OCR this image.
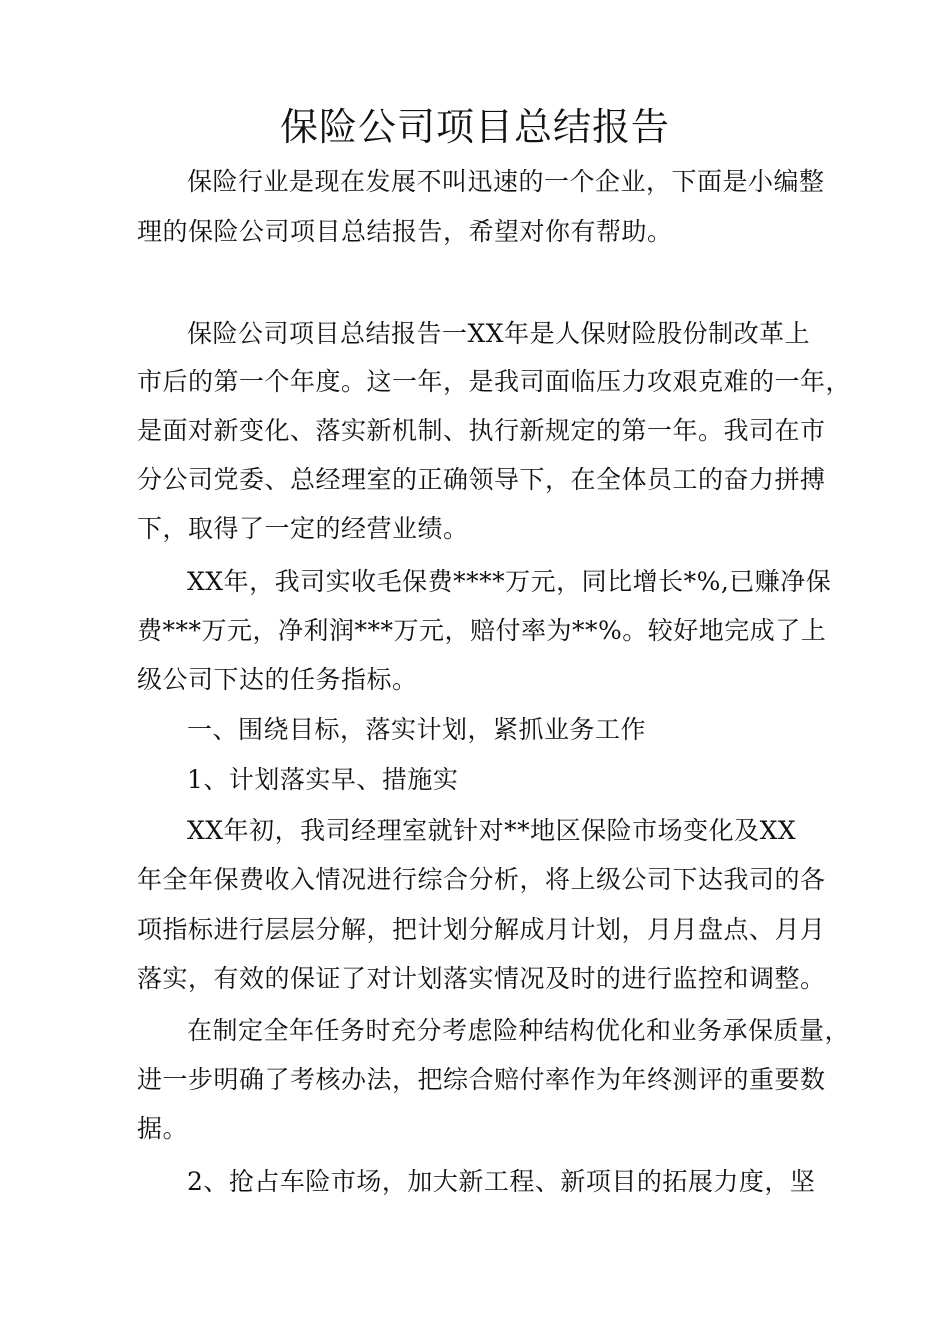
保险公司项目总结报告
保险行业是现在发展不叫迅速的一个企业，下面是小编整
理的保险公司项目总结报告，希望对你有帮助。
保险公司项目总结报告一XX年是人保财险股份制改革上
市后的第一个年度。这一年，是我司面临压力攻艰克难的一年，
是面对新变化、落实新机制、执行新规定的第一年。我司在市
分公司党委、总经理室的正确领导下，在全体员工的奋力拼搏
下，取得了一定的经营业绩。
XX年，我司实收毛保费****万元，同比增长*%,已赚净保
费***万元，净利润***万元，赔付率为**%。较好地完成了上
级公司下达的任务指标。
一、围绕目标，落实计划，紧抓业务工作
1、计划落实早、措施实
XX年初，我司经理室就针对**地区保险市场变化及XX
年全年保费收入情况进行综合分析，将上级公司下达我司的各
项指标进行层层分解，把计划分解成月计划，月月盘点、月月
落实，有效的保证了对计划落实情况及时的进行监控和调整。
在制定全年任务时充分考虑险种结构优化和业务承保质量，
进一步明确了考核办法，把综合赔付率作为年终测评的重要数
据。
2、抢占车险市场，加大新工程、新项目的拓展力度，坚
